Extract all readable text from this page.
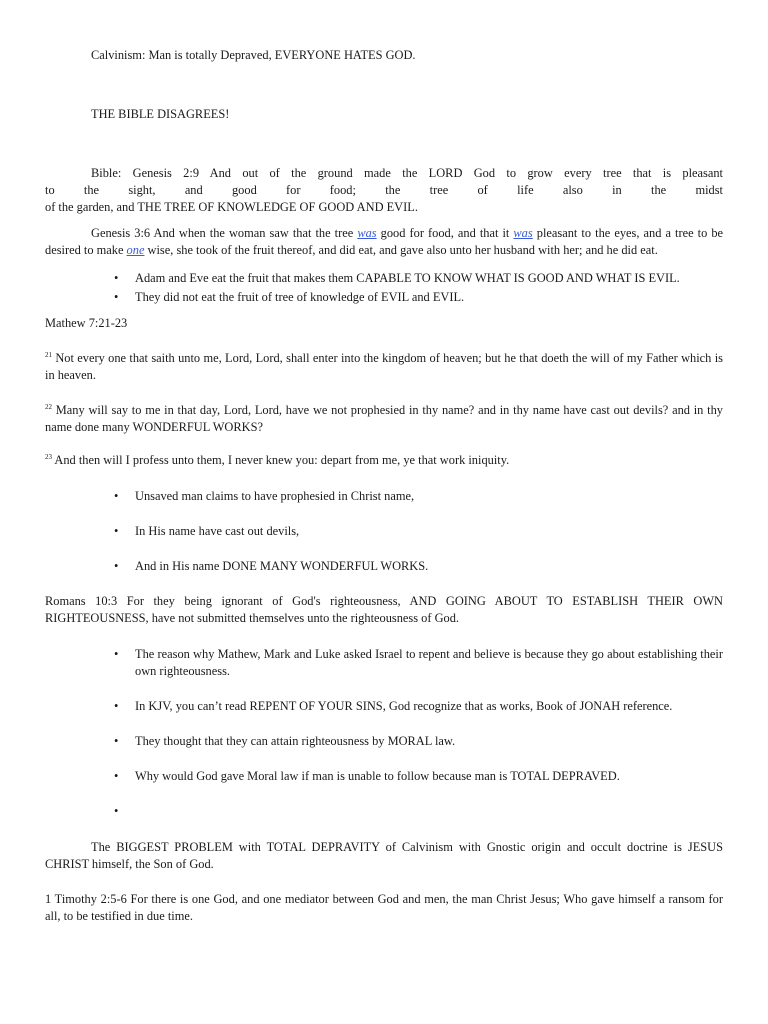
Calvinism: Man is totally Depraved, EVERYONE HATES GOD.

THE BIBLE DISAGREES!

Bible: Genesis 2:9 And out of the ground made the LORD God to grow every tree that is pleasant

to the sight, and good for food; the tree of life also in the midst

of the garden, and THE TREE OF KNOWLEDGE OF GOOD AND EVIL.

Genesis 3:6 And when the woman saw that the tree was good for food, and that it was pleasant to the eyes, and a tree to be desired to make one wise, she took of the fruit thereof, and did eat, and gave also unto her husband with her; and he did eat.

• Adam and Eve eat the fruit that makes them CAPABLE TO KNOW WHAT IS GOOD AND WHAT IS EVIL.
• They did not eat the fruit of tree of knowledge of EVIL and EVIL.

Mathew 7:21-23

$^{21}$ Not every one that saith unto me, Lord, Lord, shall enter into the kingdom of heaven; but he that doeth the will of my Father which is in heaven.

$^{22}$ Many will say to me in that day, Lord, Lord, have we not prophesied in thy name? and in thy name have cast out devils? and in thy name done many WONDERFUL WORKS?

$^{23}$ And then will I profess unto them, I never knew you: depart from me, ye that work iniquity.

• Unsaved man claims to have prophesied in Christ name,
• In His name have cast out devils,
• And in His name DONE MANY WONDERFUL WORKS.

Romans 10:3 For they being ignorant of God's righteousness, AND GOING ABOUT TO ESTABLISH THEIR OWN RIGHTEOUSNESS, have not submitted themselves unto the righteousness of God.

• The reason why Mathew, Mark and Luke asked Israel to repent and believe is because they go about establishing their own righteousness.
• In KJV, you can’t read REPENT OF YOUR SINS, God recognize that as works, Book of JONAH reference.
• They thought that they can attain righteousness by MORAL law.
• Why would God gave Moral law if man is unable to follow because man is TOTAL DEPRAVED.
•

The BIGGEST PROBLEM with TOTAL DEPRAVITY of Calvinism with Gnostic origin and occult doctrine is JESUS CHRIST himself, the Son of God.

1 Timothy 2:5-6 For there is one God, and one mediator between God and men, the man Christ Jesus; Who gave himself a ransom for all, to be testified in due time.
